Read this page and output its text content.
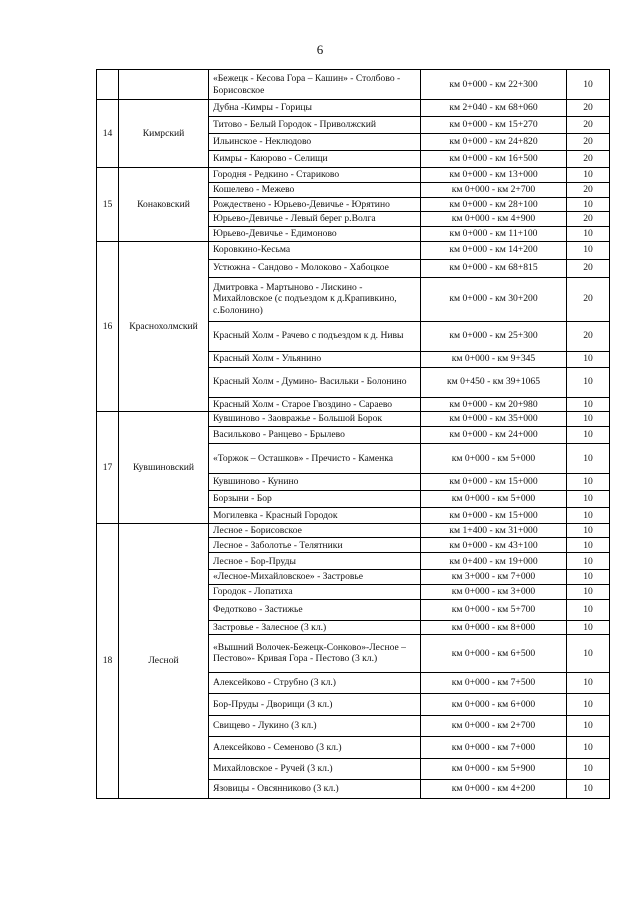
6
		«Бежецк - Кесова Гора – Кашин» - Столбово - Борисовское	км 0+000 - км 22+300	10
14	Кимрский	Дубна -Кимры - Горицы	км 2+040 - км 68+060	20
		Титово - Белый Городок - Приволжский	км 0+000 - км 15+270	20
		Ильинское - Неклюдово	км 0+000 - км 24+820	20
		Кимры - Каюрово - Селищи	км 0+000 - км 16+500	20
15	Конаковский	Городня - Редкино - Стариково	км 0+000 - км 13+000	10
		Кошелево - Межево	км 0+000 - км 2+700	20
		Рождествено - Юрьево-Девичье - Юрятино	км 0+000 - км 28+100	10
		Юрьево-Девичье - Левый берег р.Волга	км 0+000 - км 4+900	20
		Юрьево-Девичье - Едимоново	км 0+000 - км 11+100	10
16	Краснохолмский	Коровкино-Кесьма	км 0+000 - км 14+200	10
		Устюжна - Сандово - Молоково - Хабоцкое	км 0+000 - км 68+815	20
		Дмитровка - Мартыново - Лискино - Михайловское (с подъездом к д.Крапивкино, с.Болонино)	км 0+000 - км 30+200	20
		Красный Холм - Рачево с подъездом к д. Нивы	км 0+000 - км 25+300	20
		Красный Холм - Ульянино	км 0+000 - км 9+345	10
		Красный Холм - Думино- Васильки - Болонино	км 0+450 - км 39+1065	10
		Красный Холм - Старое Гвоздино - Сараево	км 0+000 - км 20+980	10
17	Кувшиновский	Кувшиново - Заовражье - Большой Борок	км 0+000 - км 35+000	10
		Васильково - Ранцево - Брылево	км 0+000 - км 24+000	10
		«Торжок – Осташков» - Пречисто - Каменка	км 0+000 - км 5+000	10
		Кувшиново - Кунино	км 0+000 - км 15+000	10
		Борзыни - Бор	км 0+000 - км 5+000	10
		Могилевка - Красный Городок	км 0+000 - км 15+000	10
18	Лесной	Лесное - Борисовское	км 1+400 - км 31+000	10
		Лесное - Заболотье - Телятники	км 0+000 - км 43+100	10
		Лесное - Бор-Пруды	км 0+400 - км 19+000	10
		«Лесное-Михайловское» - Застровье	км 3+000 - км 7+000	10
		Городок - Лопатиха	км 0+000 - км 3+000	10
		Федотково - Застижье	км 0+000 - км 5+700	10
		Застровье - Залесное (3 кл.)	км 0+000 - км 8+000	10
		«Вышний Волочек-Бежецк-Сонково»-Лесное – Пестово»- Кривая Гора - Пестово (3 кл.)	км 0+000 - км 6+500	10
		Алексейково - Струбно (3 кл.)	км 0+000 - км 7+500	10
		Бор-Пруды - Дворищи (3 кл.)	км 0+000 - км 6+000	10
		Свищево - Лукино (3 кл.)	км 0+000 - км 2+700	10
		Алексейково - Семеново (3 кл.)	км 0+000 - км 7+000	10
		Михайловское - Ручей (3 кл.)	км 0+000 - км 5+900	10
		Язовицы - Овсянниково (3 кл.)	км 0+000 - км 4+200	10
